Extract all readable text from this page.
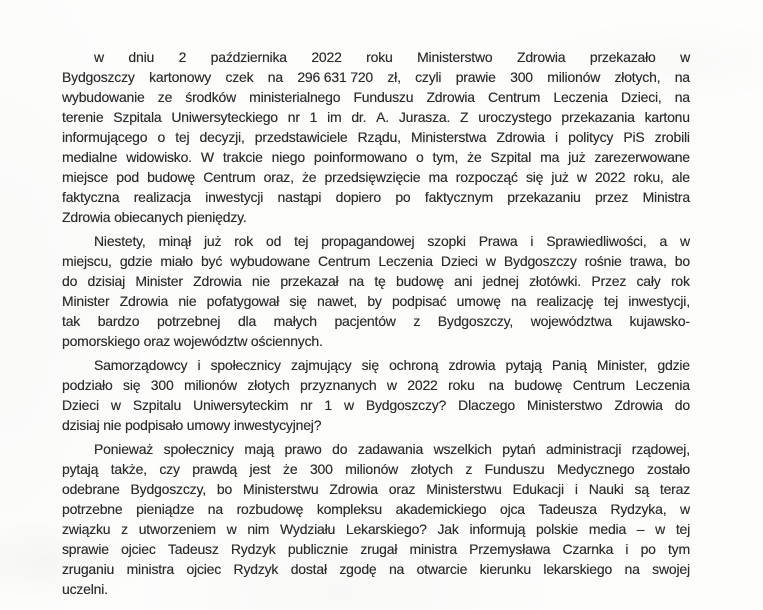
w dniu 2 października 2022 roku Ministerstwo Zdrowia przekazało w
Bydgoszczy kartonowy czek na 296 631 720 zł, czyli prawie 300 milionów złotych, na
wybudowanie ze środków ministerialnego Funduszu Zdrowia Centrum Leczenia Dzieci, na
terenie Szpitala Uniwersyteckiego nr 1 im dr. A. Jurasza. Z uroczystego przekazania kartonu
informującego o tej decyzji, przedstawiciele Rządu, Ministerstwa Zdrowia i politycy PiS zrobili
medialne widowisko. W trakcie niego poinformowano o tym, że Szpital ma już zarezerwowane
miejsce pod budowę Centrum oraz, że przedsięwzięcie ma rozpocząć się już w 2022 roku, ale
faktyczna realizacja inwestycji nastąpi dopiero po faktycznym przekazaniu przez Ministra
Zdrowia obiecanych pieniędzy.
Niestety, minął już rok od tej propagandowej szopki Prawa i Sprawiedliwości, a w
miejscu, gdzie miało być wybudowane Centrum Leczenia Dzieci w Bydgoszczy rośnie trawa, bo
do dzisiaj Minister Zdrowia nie przekazał na tę budowę ani jednej złotówki. Przez cały rok
Minister Zdrowia nie pofatygował się nawet, by podpisać umowę na realizację tej inwestycji,
tak bardzo potrzebnej dla małych pacjentów z Bydgoszczy, województwa kujawsko-
pomorskiego oraz województw ościennych.
Samorządowcy i społecznicy zajmujący się ochroną zdrowia pytają Panią Minister, gdzie
podziało się 300 milionów złotych przyznanych w 2022 roku na budowę Centrum Leczenia
Dzieci w Szpitalu Uniwersyteckim nr 1 w Bydgoszczy? Dlaczego Ministerstwo Zdrowia do
dzisiaj nie podpisało umowy inwestycyjnej?
Ponieważ społecznicy mają prawo do zadawania wszelkich pytań administracji rządowej,
pytają także, czy prawdą jest że 300 milionów złotych z Funduszu Medycznego zostało
odebrane Bydgoszczy, bo Ministerstwu Zdrowia oraz Ministerstwu Edukacji i Nauki są teraz
potrzebne pieniądze na rozbudowę kompleksu akademickiego ojca Tadeusza Rydzyka, w
związku z utworzeniem w nim Wydziału Lekarskiego? Jak informują polskie media – w tej
sprawie ojciec Tadeusz Rydzyk publicznie zrugał ministra Przemysława Czarnka i po tym
zruganiu ministra ojciec Rydzyk dostał zgodę na otwarcie kierunku lekarskiego na swojej
uczelni.
